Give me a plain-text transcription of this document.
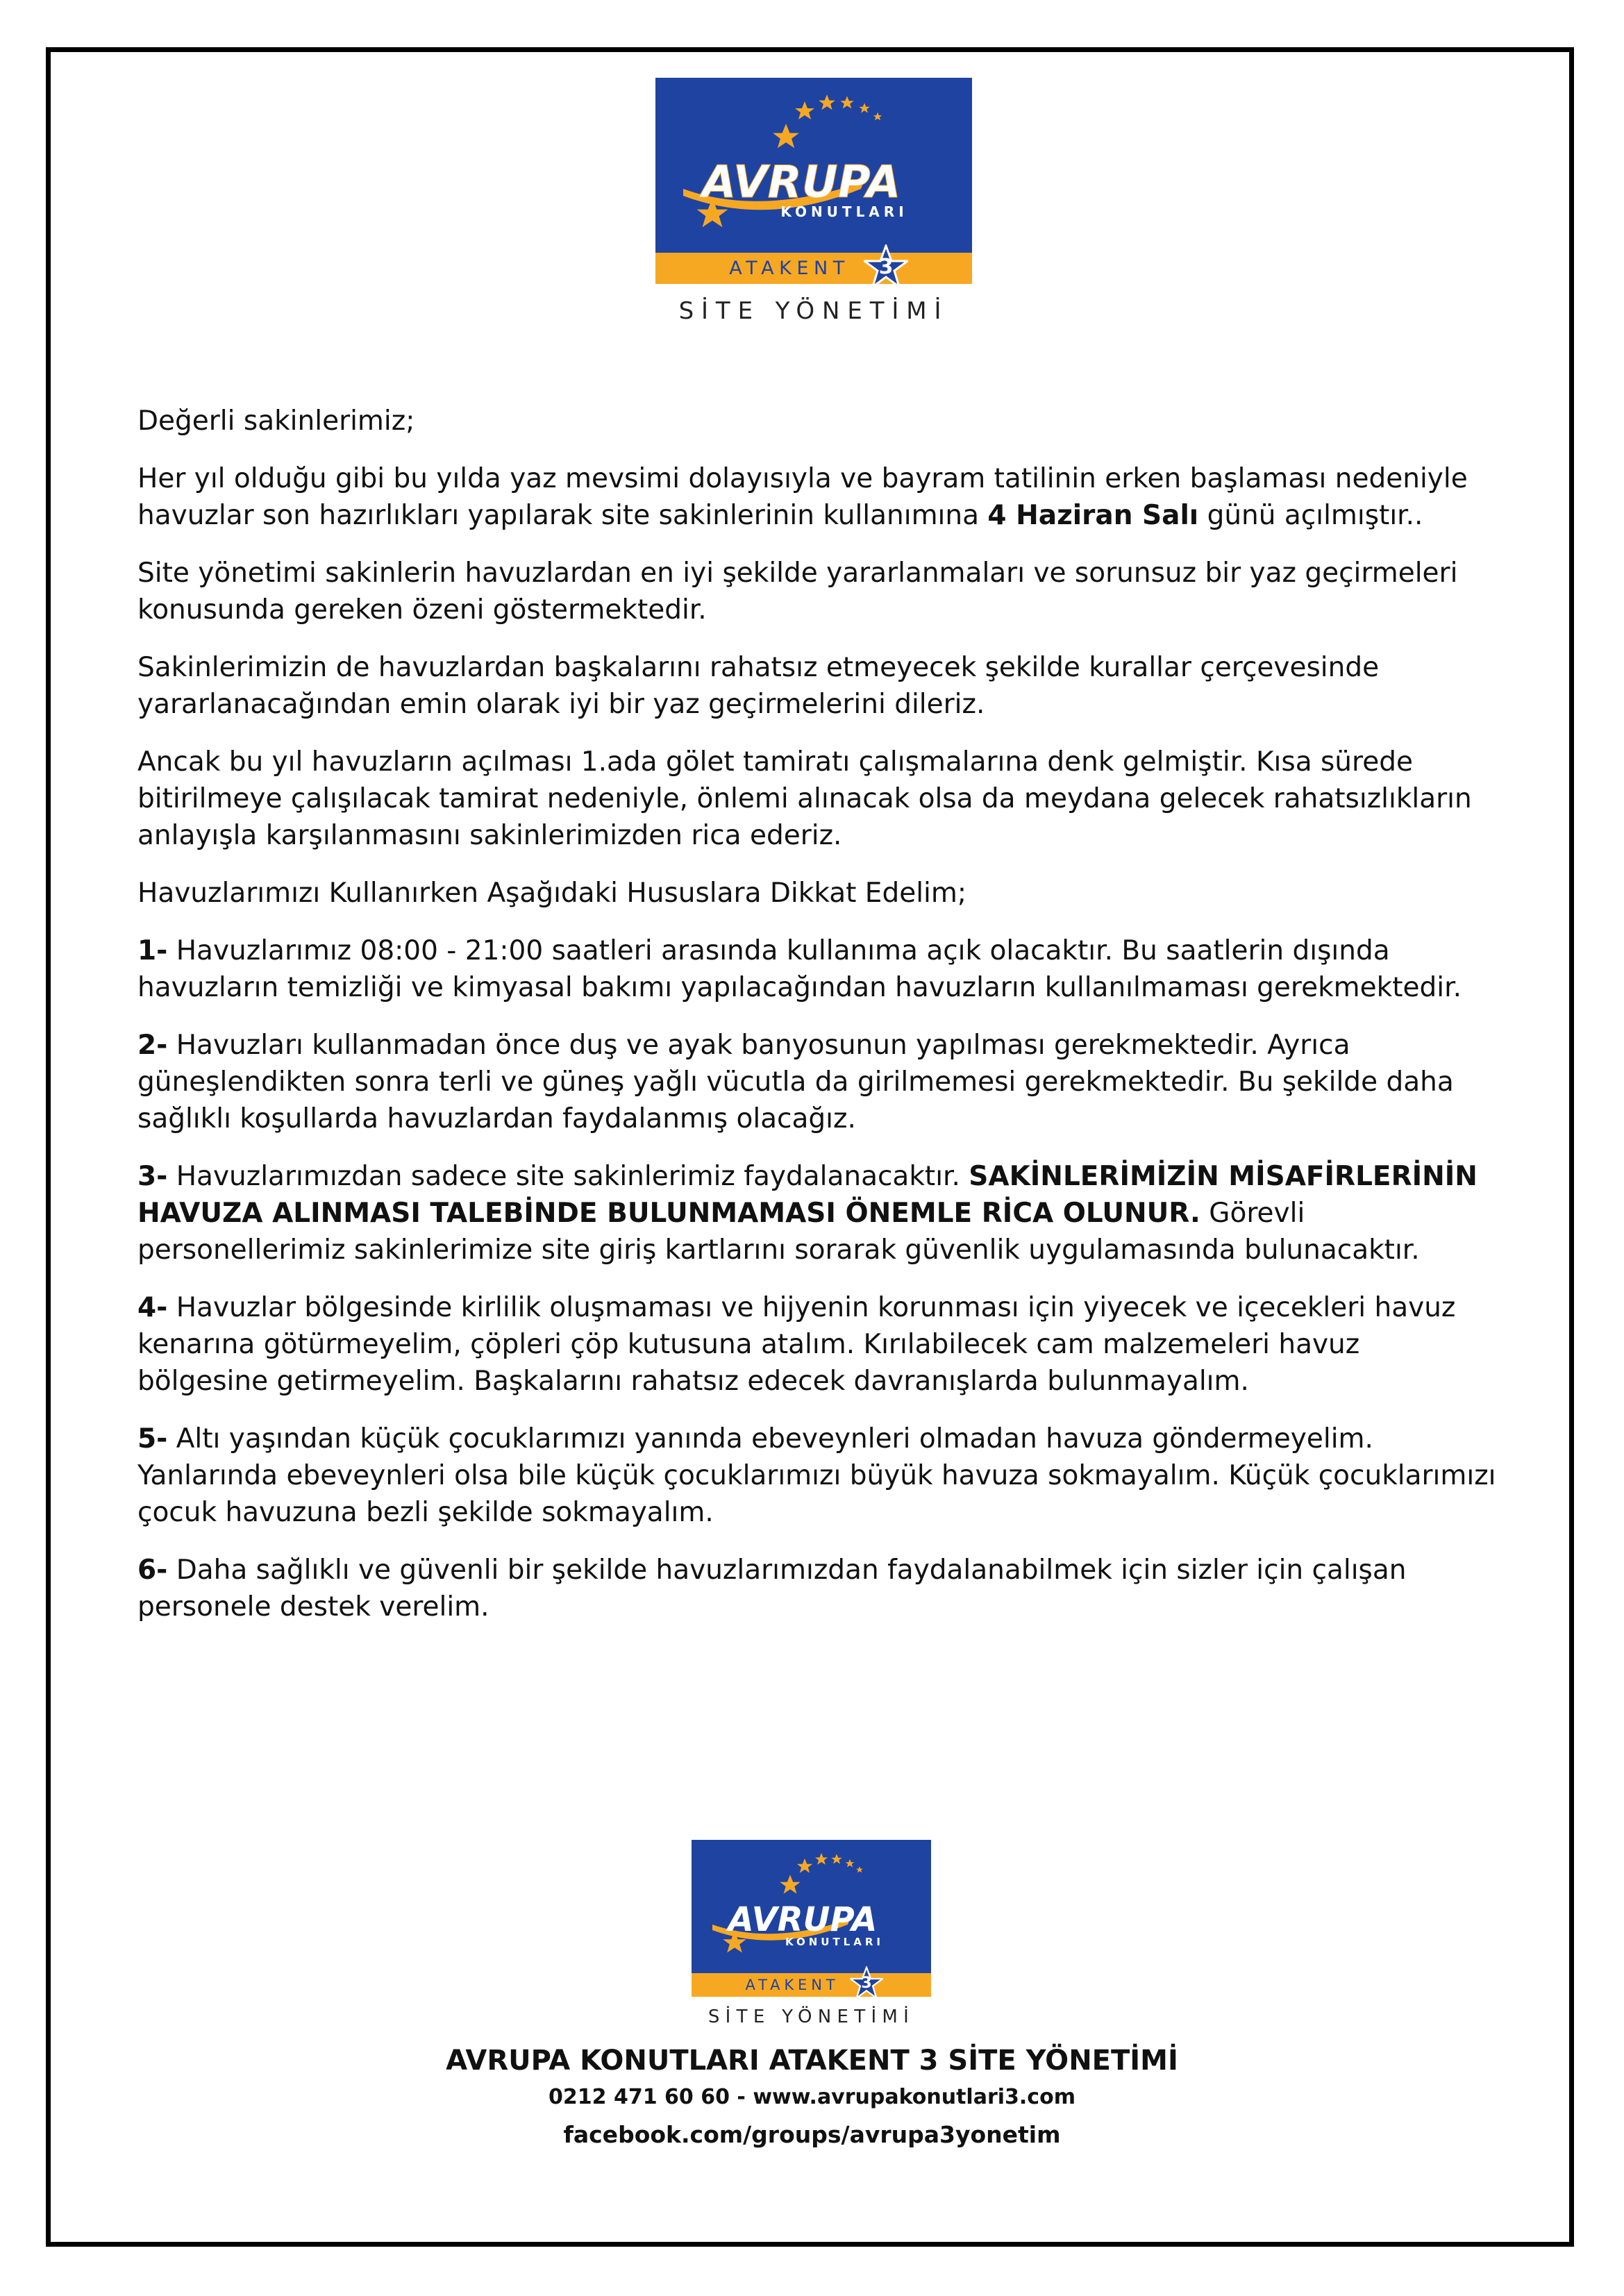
AVRUPA
KONUTLARI
ATAKENT 3
SİTE YÖNETİMİ

Değerli sakinlerimiz;

Her yıl olduğu gibi bu yılda yaz mevsimi dolayısıyla ve bayram tatilinin erken başlaması nedeniyle havuzlar son hazırlıkları yapılarak site sakinlerinin kullanımına 4 Haziran Salı günü açılmıştır..

Site yönetimi sakinlerin havuzlardan en iyi şekilde yararlanmaları ve sorunsuz bir yaz geçirmeleri konusunda gereken özeni göstermektedir.

Sakinlerimizin de havuzlardan başkalarını rahatsız etmeyecek şekilde kurallar çerçevesinde yararlanacağından emin olarak iyi bir yaz geçirmelerini dileriz.

Ancak bu yıl havuzların açılması 1.ada gölet tamiratı çalışmalarına denk gelmiştir. Kısa sürede bitirilmeye çalışılacak tamirat nedeniyle, önlemi alınacak olsa da meydana gelecek rahatsızlıkların anlayışla karşılanmasını sakinlerimizden rica ederiz.

Havuzlarımızı Kullanırken Aşağıdaki Hususlara Dikkat Edelim;

1- Havuzlarımız 08:00 - 21:00 saatleri arasında kullanıma açık olacaktır. Bu saatlerin dışında havuzların temizliği ve kimyasal bakımı yapılacağından havuzların kullanılmaması gerekmektedir.

2- Havuzları kullanmadan önce duş ve ayak banyosunun yapılması gerekmektedir. Ayrıca güneşlendikten sonra terli ve güneş yağlı vücutla da girilmemesi gerekmektedir. Bu şekilde daha sağlıklı koşullarda havuzlardan faydalanmış olacağız.

3- Havuzlarımızdan sadece site sakinlerimiz faydalanacaktır. SAKİNLERİMİZİN MİSAFİRLERİNİN HAVUZA ALINMASI TALEBİNDE BULUNMAMASI ÖNEMLE RİCA OLUNUR. Görevli personellerimiz sakinlerimize site giriş kartlarını sorarak güvenlik uygulamasında bulunacaktır.

4- Havuzlar bölgesinde kirlilik oluşmaması ve hijyenin korunması için yiyecek ve içecekleri havuz kenarına götürmeyelim, çöpleri çöp kutusuna atalım. Kırılabilecek cam malzemeleri havuz bölgesine getirmeyelim. Başkalarını rahatsız edecek davranışlarda bulunmayalım.

5- Altı yaşından küçük çocuklarımızı yanında ebeveynleri olmadan havuza göndermeyelim. Yanlarında ebeveynleri olsa bile küçük çocuklarımızı büyük havuza sokmayalım. Küçük çocuklarımızı çocuk havuzuna bezli şekilde sokmayalım.

6- Daha sağlıklı ve güvenli bir şekilde havuzlarımızdan faydalanabilmek için sizler için çalışan personele destek verelim.

AVRUPA
KONUTLARI
ATAKENT 3
SİTE YÖNETİMİ
AVRUPA KONUTLARI ATAKENT 3 SİTE YÖNETİMİ
0212 471 60 60 - www.avrupakonutlari3.com
facebook.com/groups/avrupa3yonetim
